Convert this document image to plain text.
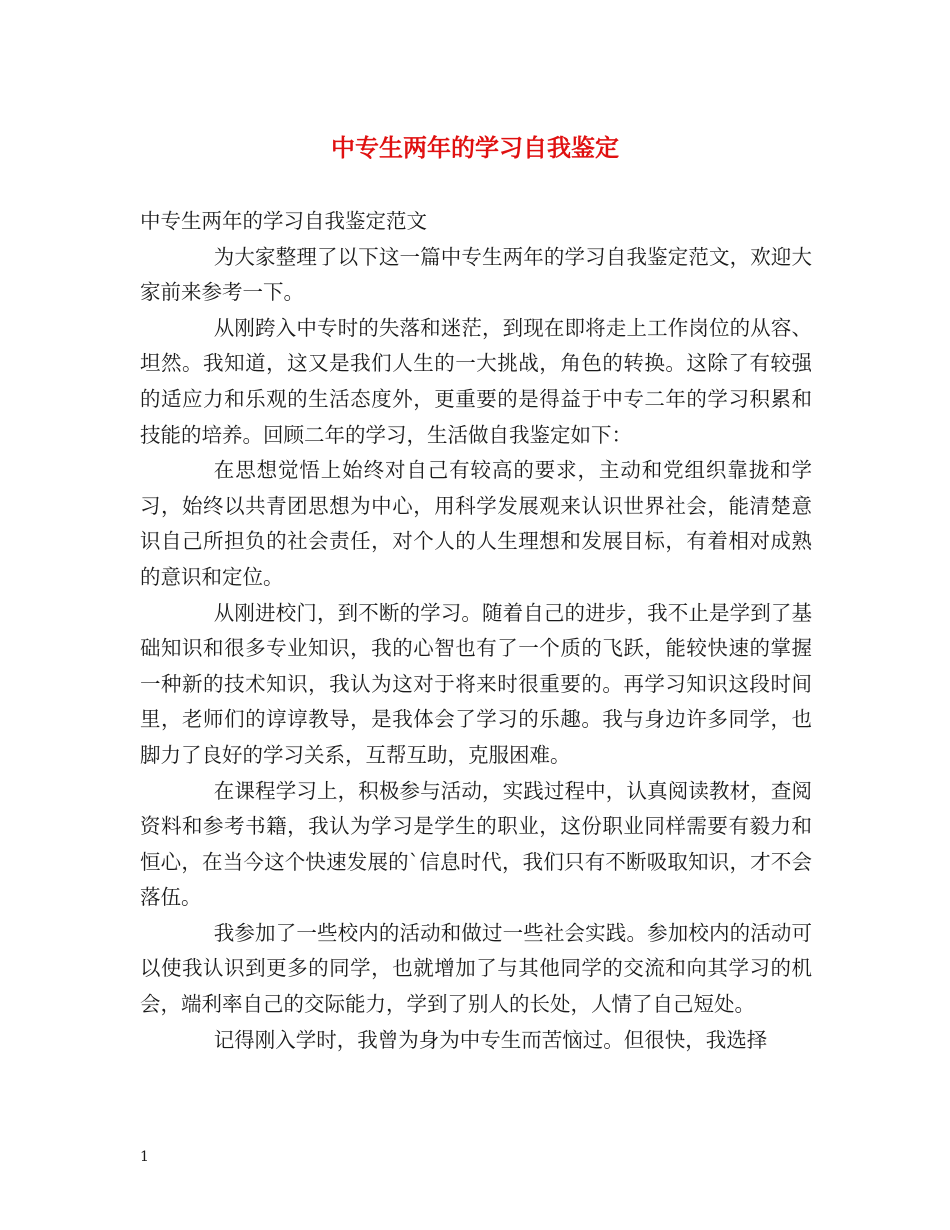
中专生两年的学习自我鉴定

中专生两年的学习自我鉴定范文

为大家整理了以下这一篇中专生两年的学习自我鉴定范文，欢迎大家前来参考一下。

从刚跨入中专时的失落和迷茫，到现在即将走上工作岗位的从容、坦然。我知道，这又是我们人生的一大挑战，角色的转换。这除了有较强的适应力和乐观的生活态度外，更重要的是得益于中专二年的学习积累和技能的培养。回顾二年的学习，生活做自我鉴定如下：

在思想觉悟上始终对自己有较高的要求，主动和党组织靠拢和学习，始终以共青团思想为中心，用科学发展观来认识世界社会，能清楚意识自己所担负的社会责任，对个人的人生理想和发展目标，有着相对成熟的意识和定位。

从刚进校门，到不断的学习。随着自己的进步，我不止是学到了基础知识和很多专业知识，我的心智也有了一个质的飞跃，能较快速的掌握一种新的技术知识，我认为这对于将来时很重要的。再学习知识这段时间里，老师们的谆谆教导，是我体会了学习的乐趣。我与身边许多同学，也脚力了良好的学习关系，互帮互助，克服困难。

在课程学习上，积极参与活动，实践过程中，认真阅读教材，查阅资料和参考书籍，我认为学习是学生的职业，这份职业同样需要有毅力和恒心，在当今这个快速发展的`信息时代，我们只有不断吸取知识，才不会落伍。

我参加了一些校内的活动和做过一些社会实践。参加校内的活动可以使我认识到更多的同学，也就增加了与其他同学的交流和向其学习的机会，端利率自己的交际能力，学到了别人的长处，人情了自己短处。

记得刚入学时，我曾为身为中专生而苦恼过。但很快，我选择

1
